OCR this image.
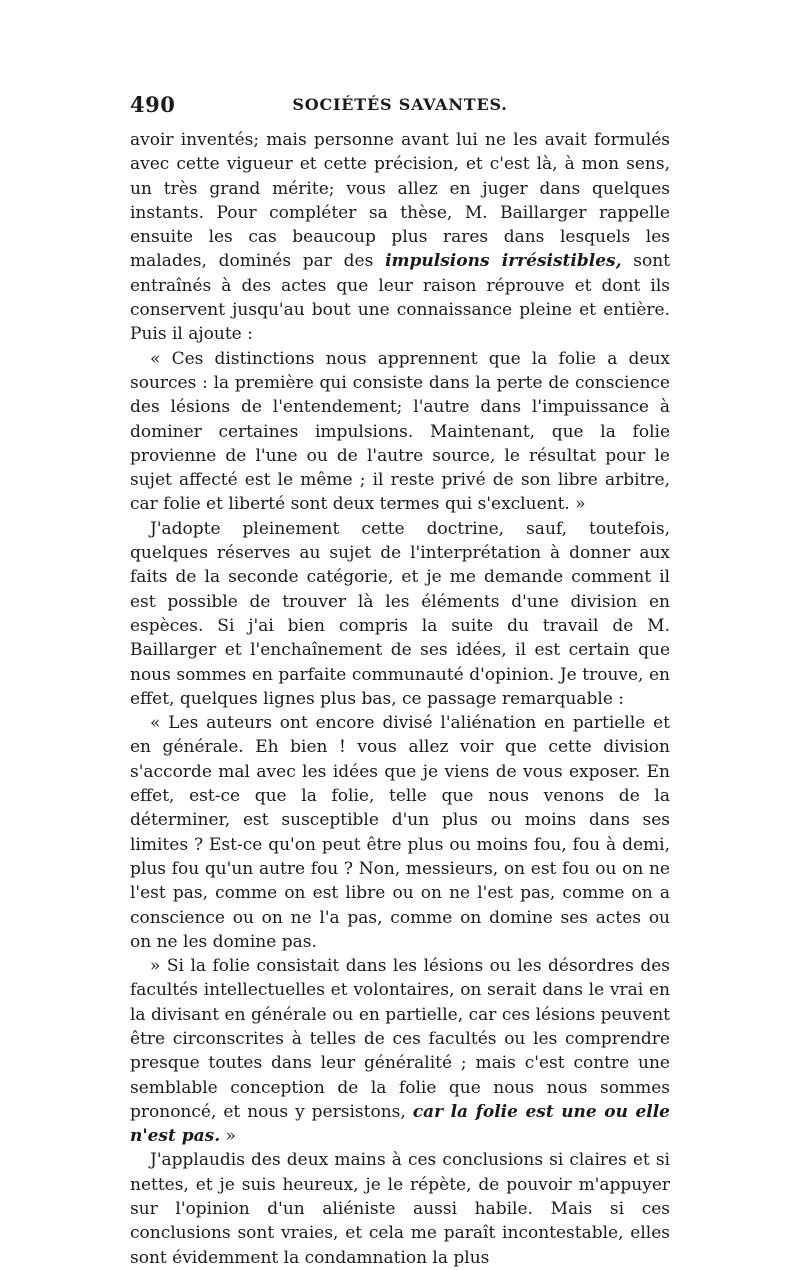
490	SOCIÉTÉS SAVANTES.

avoir inventés; mais personne avant lui ne les avait formulés avec cette vigueur et cette précision, et c'est là, à mon sens, un très grand mérite; vous allez en juger dans quelques instants. Pour compléter sa thèse, M. Baillarger rappelle ensuite les cas beaucoup plus rares dans lesquels les malades, dominés par des impulsions irrésistibles, sont entraînés à des actes que leur raison réprouve et dont ils conservent jusqu'au bout une connaissance pleine et entière. Puis il ajoute :

« Ces distinctions nous apprennent que la folie a deux sources : la première qui consiste dans la perte de conscience des lésions de l'entendement; l'autre dans l'impuissance à dominer certaines impulsions. Maintenant, que la folie provienne de l'une ou de l'autre source, le résultat pour le sujet affecté est le même ; il reste privé de son libre arbitre, car folie et liberté sont deux termes qui s'excluent. »

J'adopte pleinement cette doctrine, sauf, toutefois, quelques réserves au sujet de l'interprétation à donner aux faits de la seconde catégorie, et je me demande comment il est possible de trouver là les éléments d'une division en espèces. Si j'ai bien compris la suite du travail de M. Baillarger et l'enchaînement de ses idées, il est certain que nous sommes en parfaite communauté d'opinion. Je trouve, en effet, quelques lignes plus bas, ce passage remarquable :

« Les auteurs ont encore divisé l'aliénation en partielle et en générale. Eh bien ! vous allez voir que cette division s'accorde mal avec les idées que je viens de vous exposer. En effet, est-ce que la folie, telle que nous venons de la déterminer, est susceptible d'un plus ou moins dans ses limites ? Est-ce qu'on peut être plus ou moins fou, fou à demi, plus fou qu'un autre fou ? Non, messieurs, on est fou ou on ne l'est pas, comme on est libre ou on ne l'est pas, comme on a conscience ou on ne l'a pas, comme on domine ses actes ou on ne les domine pas.

» Si la folie consistait dans les lésions ou les désordres des facultés intellectuelles et volontaires, on serait dans le vrai en la divisant en générale ou en partielle, car ces lésions peuvent être circonscrites à telles de ces facultés ou les comprendre presque toutes dans leur généralité ; mais c'est contre une semblable conception de la folie que nous nous sommes prononcé, et nous y persistons, car la folie est une ou elle n'est pas. »

J'applaudis des deux mains à ces conclusions si claires et si nettes, et je suis heureux, je le répète, de pouvoir m'appuyer sur l'opinion d'un aliéniste aussi habile. Mais si ces conclusions sont vraies, et cela me paraît incontestable, elles sont évidemment la condamnation la plus
